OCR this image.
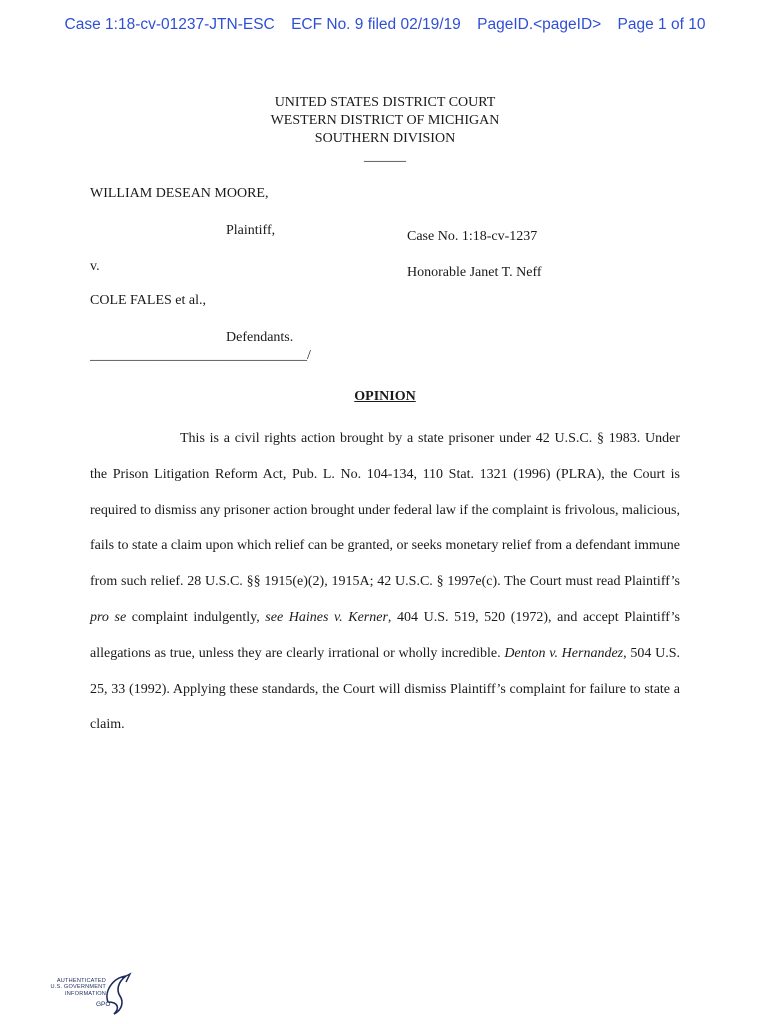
Case 1:18-cv-01237-JTN-ESC ECF No. 9 filed 02/19/19 PageID.<pageID> Page 1 of 10
UNITED STATES DISTRICT COURT
WESTERN DISTRICT OF MICHIGAN
SOUTHERN DIVISION
______
WILLIAM DESEAN MOORE,
Plaintiff,	Case No. 1:18-cv-1237
v.	Honorable Janet T. Neff
COLE FALES et al.,
Defendants.
_______________________________/
OPINION
This is a civil rights action brought by a state prisoner under 42 U.S.C. § 1983. Under the Prison Litigation Reform Act, Pub. L. No. 104-134, 110 Stat. 1321 (1996) (PLRA), the Court is required to dismiss any prisoner action brought under federal law if the complaint is frivolous, malicious, fails to state a claim upon which relief can be granted, or seeks monetary relief from a defendant immune from such relief. 28 U.S.C. §§ 1915(e)(2), 1915A; 42 U.S.C. § 1997e(c). The Court must read Plaintiff’s pro se complaint indulgently, see Haines v. Kerner, 404 U.S. 519, 520 (1972), and accept Plaintiff’s allegations as true, unless they are clearly irrational or wholly incredible. Denton v. Hernandez, 504 U.S. 25, 33 (1992). Applying these standards, the Court will dismiss Plaintiff’s complaint for failure to state a claim.
AUTHENTICATED
U.S. GOVERNMENT
INFORMATION
GPO
